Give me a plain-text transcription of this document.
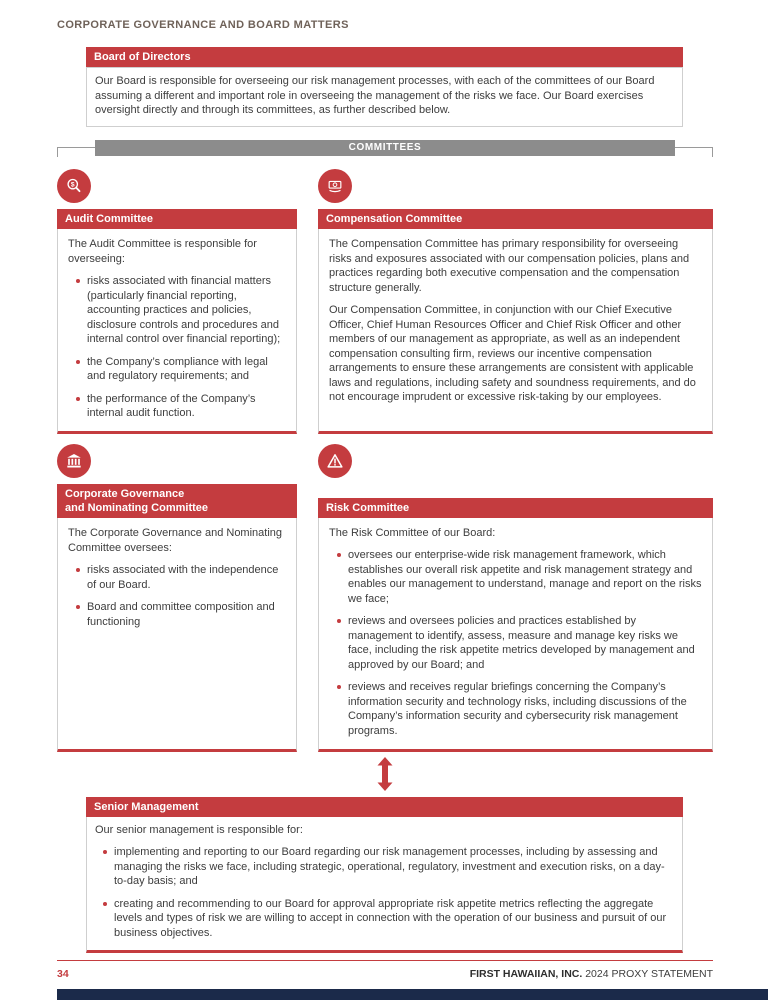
CORPORATE GOVERNANCE AND BOARD MATTERS
Board of Directors
Our Board is responsible for overseeing our risk management processes, with each of the committees of our Board assuming a different and important role in overseeing the management of the risks we face. Our Board exercises oversight directly and through its committees, as further described below.
COMMITTEES
$
Audit Committee

The Audit Committee is responsible for overseeing:

risks associated with financial matters (particularly financial reporting, accounting practices and policies, disclosure controls and procedures and internal control over financial reporting);
the Company’s compliance with legal and regulatory requirements; and
the performance of the Company’s internal audit function.
Compensation Committee

The Compensation Committee has primary responsibility for overseeing risks and exposures associated with our compensation policies, plans and practices regarding both executive compensation and the compensation structure generally.

Our Compensation Committee, in conjunction with our Chief Executive Officer, Chief Human Resources Officer and Chief Risk Officer and other members of our management as appropriate, as well as an independent compensation consulting firm, reviews our incentive compensation arrangements to ensure these arrangements are consistent with applicable laws and regulations, including safety and soundness requirements, and do not encourage imprudent or excessive risk-taking by our employees.

Corporate Governance
and Nominating Committee

The Corporate Governance and Nominating Committee oversees:

risks associated with the independence of our Board.
Board and committee composition and functioning
Risk Committee

The Risk Committee of our Board:

oversees our enterprise-wide risk management framework, which establishes our overall risk appetite and risk management strategy and enables our management to understand, manage and report on the risks we face;
reviews and oversees policies and practices established by management to identify, assess, measure and manage key risks we face, including the risk appetite metrics developed by management and approved by our Board; and
reviews and receives regular briefings concerning the Company’s information security and technology risks, including discussions of the Company’s information security and cybersecurity risk management programs.
Senior Management

Our senior management is responsible for:

implementing and reporting to our Board regarding our risk management processes, including by assessing and managing the risks we face, including strategic, operational, regulatory, investment and execution risks, on a day-to-day basis; and
creating and recommending to our Board for approval appropriate risk appetite metrics reflecting the aggregate levels and types of risk we are willing to accept in connection with the operation of our business and pursuit of our business objectives.
34	FIRST HAWAIIAN, INC. 2024 PROXY STATEMENT
